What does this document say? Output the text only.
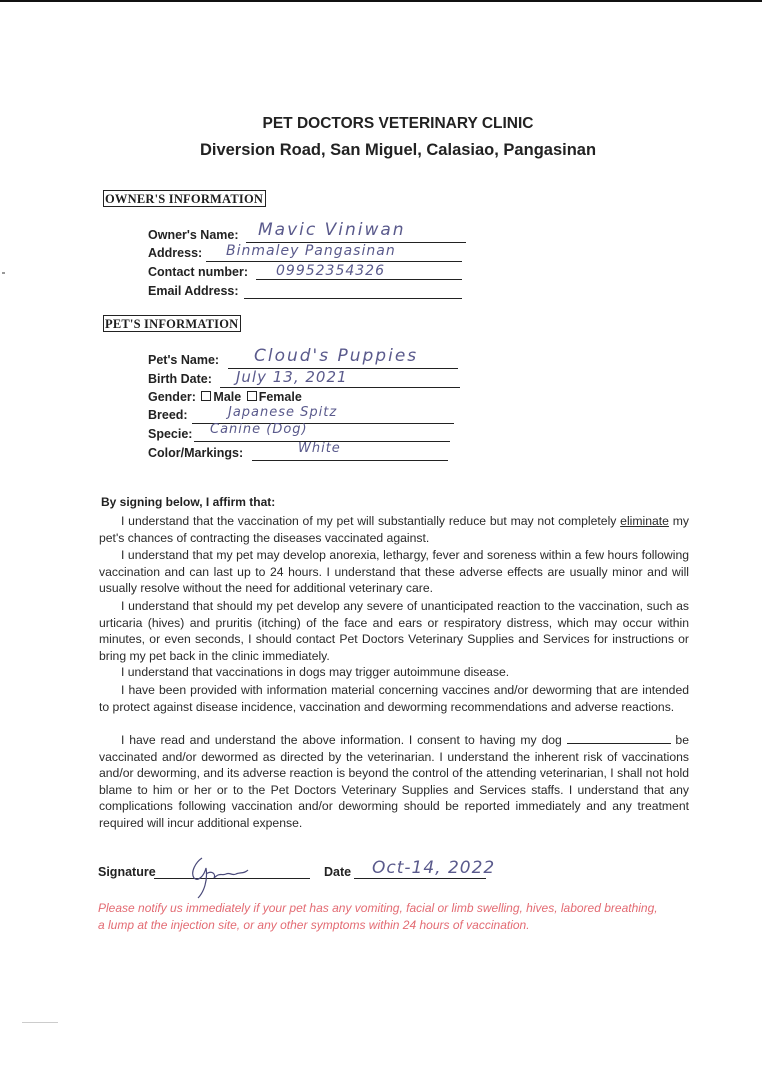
PET DOCTORS VETERINARY CLINIC
Diversion Road, San Miguel, Calasiao, Pangasinan
OWNER'S INFORMATION
Owner's Name: Mavic Viniwan
Address: Binmaley Pangasinan
Contact number: 09952354326
Email Address:
PET'S INFORMATION
Pet's Name: Cloud's Puppies
Birth Date: July 13, 2021
Gender: Male Female
Breed:	Japanese Spitz
Specie: Canine (Dog)
Color/Markings:	White
By signing below, I affirm that:
I understand that the vaccination of my pet will substantially reduce but may not completely eliminate my pet's chances of contracting the diseases vaccinated against.
I understand that my pet may develop anorexia, lethargy, fever and soreness within a few hours following vaccination and can last up to 24 hours. I understand that these adverse effects are usually minor and will usually resolve without the need for additional veterinary care.
I understand that should my pet develop any severe of unanticipated reaction to the vaccination, such as urticaria (hives) and pruritis (itching) of the face and ears or respiratory distress, which may occur within minutes, or even seconds, I should contact Pet Doctors Veterinary Supplies and Services for instructions or bring my pet back in the clinic immediately.
I understand that vaccinations in dogs may trigger autoimmune disease.
I have been provided with information material concerning vaccines and/or deworming that are intended to protect against disease incidence, vaccination and deworming recommendations and adverse reactions.
I have read and understand the above information. I consent to having my dog	be vaccinated and/or dewormed as directed by the veterinarian. I understand the inherent risk of vaccinations and/or deworming, and its adverse reaction is beyond the control of the attending veterinarian, I shall not hold blame to him or her or to the Pet Doctors Veterinary Supplies and Services staffs. I understand that any complications following vaccination and/or deworming should be reported immediately and any treatment required will incur additional expense.
Signature	Date Oct-14, 2022
Please notify us immediately if your pet has any vomiting, facial or limb swelling, hives, labored breathing, a lump at the injection site, or any other symptoms within 24 hours of vaccination.
